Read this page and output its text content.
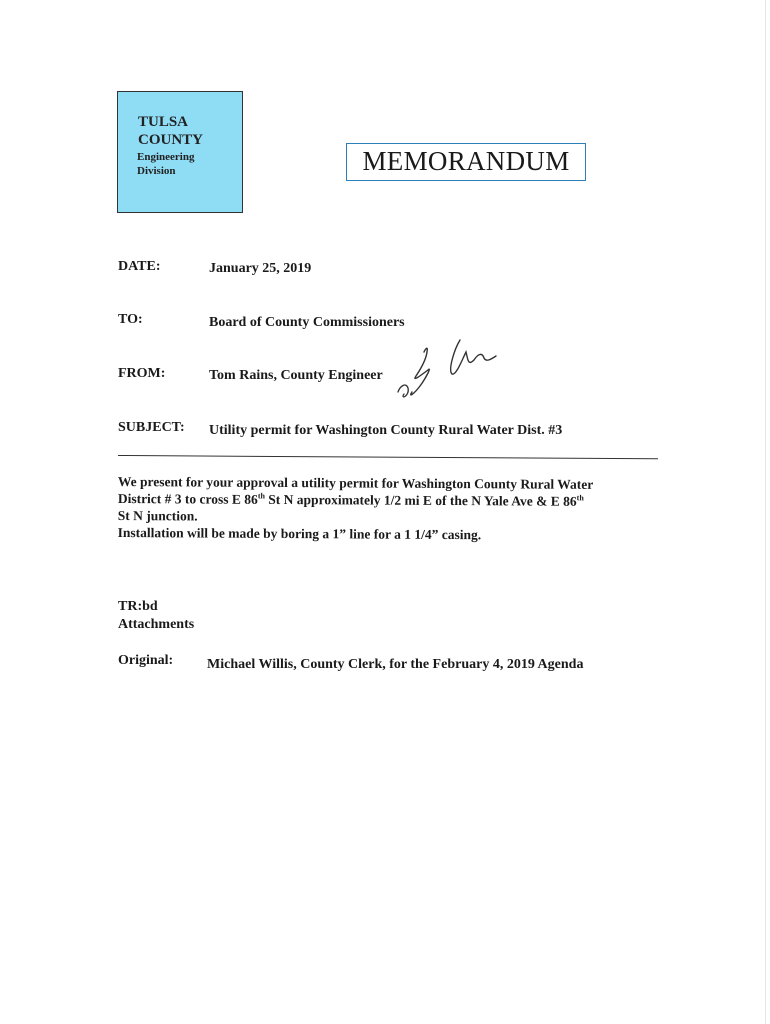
TULSA
COUNTY
Engineering
Division	MEMORANDUM
DATE:	January 25, 2019
TO:	Board of County Commissioners
FROM:	Tom Rains, County Engineer
SUBJECT: Utility permit for Washington County Rural Water Dist. #3

We present for your approval a utility permit for Washington County Rural Water

District # 3 to cross E 86th St N approximately 1/2 mi E of the N Yale Ave & E 86th

St N junction.

Installation will be made by boring a 1” line for a 1 1/4” casing.

TR:bd
Attachments
Original: Michael Willis, County Clerk, for the February 4, 2019 Agenda
